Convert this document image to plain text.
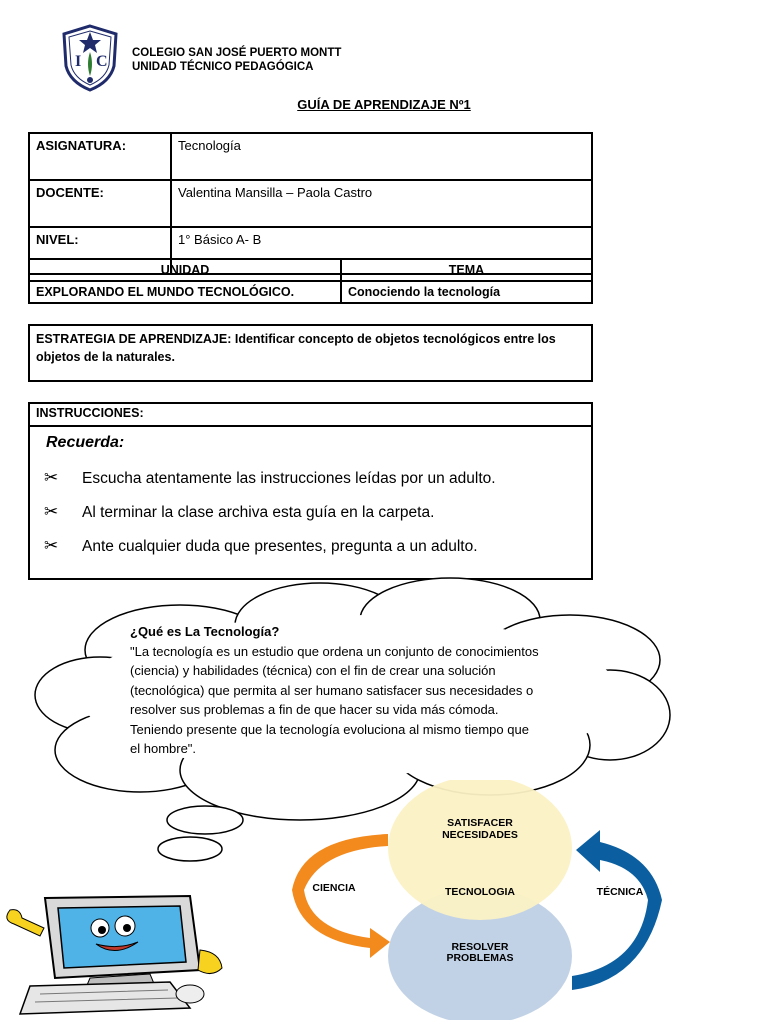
I C COLEGIO SAN JOSÉ PUERTO MONTT
UNIDAD TÉCNICO PEDAGÓGICA
GUÍA DE APRENDIZAJE Nº1
ASIGNATURA:	Tecnología
DOCENTE:	Valentina Mansilla – Paola Castro
NIVEL:	1° Básico A- B
UNIDAD	TEMA
EXPLORANDO EL MUNDO TECNOLÓGICO.	Conociendo la tecnología
ESTRATEGIA DE APRENDIZAJE: Identificar concepto de objetos tecnológicos entre los objetos de la naturales.
INSTRUCCIONES:
Recuerda:
✂ Escucha atentamente las instrucciones leídas por un adulto.
✂ Al terminar la clase archiva esta guía en la carpeta.
✂ Ante cualquier duda que presentes, pregunta a un adulto.
¿Qué es La Tecnología?
"La tecnología es un estudio que ordena un conjunto de conocimientos (ciencia) y habilidades (técnica) con el fin de crear una solución (tecnológica) que permita al ser humano satisfacer sus necesidades o resolver sus problemas a fin de que hacer su vida más cómoda. Teniendo presente que la tecnología evoluciona al mismo tiempo que el hombre".
SATISFACER
NECESIDADES
TECNOLOGIA
RESOLVER
PROBLEMAS
CIENCIA	TÉCNICA
